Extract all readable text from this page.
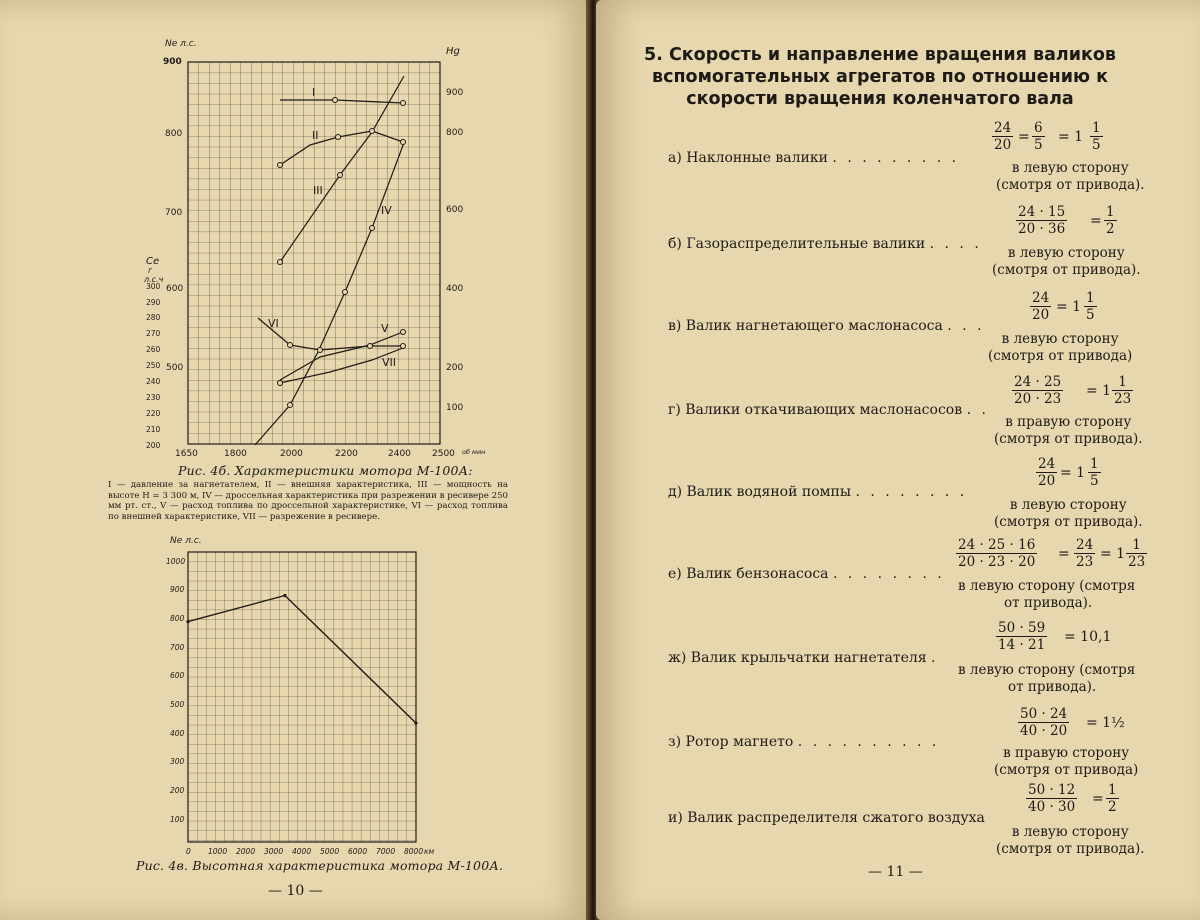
I
II
III
IV
V
VI
VII
Nе л.с.
Hg
Cе
г
л.с.ч
900
800
700
600
500
300
290
280
270
260
250
240
230
220
210
200
900
800
600
400
200
100
1650	1800	2000	2200	2400 2500 об мин
Рис. 4б. Характеристики мотора М-100А:
I — давление за нагнетателем, II — внешняя характеристика, III — мощность на высоте H = 3 300 м, IV — дроссельная характеристика при разрежении в ресивере 250 мм рт. ст., V — расход топлива по дроссельной характеристике, VI — расход топлива по внешней характеристике, VII — разрежение в ресивере.
Nе л.с.
1000
900
800
700
600
500
400
300
200
100
0 1000 2000 3000 4000 5000 6000 7000 8000 км
Рис. 4в. Высотная характеристика мотора М-100А.
— 10 —
5. Скорость и направление вращения валиков вспомогательных агрегатов по отношению к скорости вращения коленчатого вала
а) Наклонные валики . . . . . . . . .
$\frac{24}{20} = \frac{6}{5} = 1 \frac{1}{5}$
в левую сторону
(смотря от привода).
б) Газораспределительные валики . . . .
$\frac{24 \cdot 15}{20 \cdot 36} = \frac{1}{2}$
в левую сторону
(смотря от привода).
в) Валик нагнетающего маслонасоса . . .
$\frac{24}{20} = 1 \frac{1}{5}$
в левую сторону
(смотря от привода)
г) Валики откачивающих маслонасосов . .
$\frac{24 \cdot 25}{20 \cdot 23} = 1 \frac{1}{23}$
в правую сторону
(смотря от привода).
д) Валик водяной помпы . . . . . . . .
$\frac{24}{20} = 1 \frac{1}{5}$
в левую сторону
(смотря от привода).
е) Валик бензонасоса . . . . . . . .
$\frac{24 \cdot 25 \cdot 16}{20 \cdot 23 \cdot 20} = \frac{24}{23} = 1 \frac{1}{23}$
в левую сторону (смотря
от привода).
ж) Валик крыльчатки нагнетателя .
$\frac{50 \cdot 59}{14 \cdot 21} = 10,1$
в левую сторону (смотря
от привода).
з) Ротор магнето . . . . . . . . . .
$\frac{50 \cdot 24}{40 \cdot 20}$ = 1½
в правую сторону
(смотря от привода)
и) Валик распределителя сжатого воздуха
$\frac{50 \cdot 12}{40 \cdot 30} = \frac{1}{2}$
в левую сторону
(смотря от привода).
— 11 —
